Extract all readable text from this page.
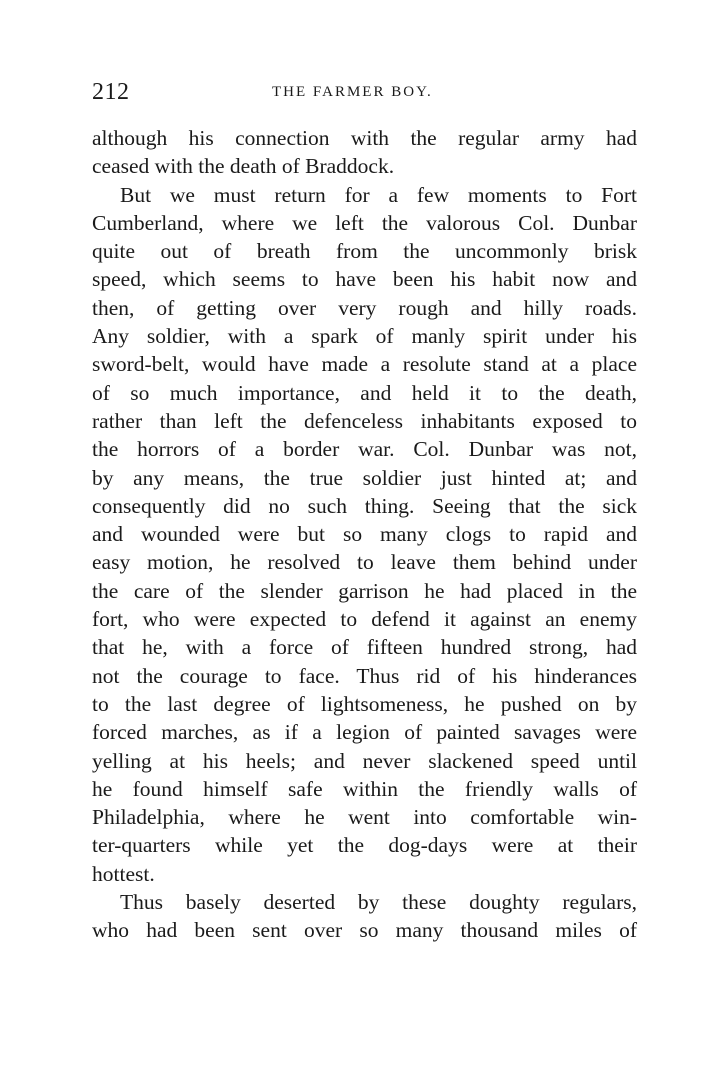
212	THE FARMER BOY.
although his connection with the regular army had
ceased with the death of Braddock.
But we must return for a few moments to Fort
Cumberland, where we left the valorous Col. Dunbar
quite out of breath from the uncommonly brisk
speed, which seems to have been his habit now and
then, of getting over very rough and hilly roads.
Any soldier, with a spark of manly spirit under his
sword-belt, would have made a resolute stand at a place
of so much importance, and held it to the death,
rather than left the defenceless inhabitants exposed to
the horrors of a border war. Col. Dunbar was not,
by any means, the true soldier just hinted at; and
consequently did no such thing. Seeing that the sick
and wounded were but so many clogs to rapid and
easy motion, he resolved to leave them behind under
the care of the slender garrison he had placed in the
fort, who were expected to defend it against an enemy
that he, with a force of fifteen hundred strong, had
not the courage to face. Thus rid of his hinderances
to the last degree of lightsomeness, he pushed on by
forced marches, as if a legion of painted savages were
yelling at his heels; and never slackened speed until
he found himself safe within the friendly walls of
Philadelphia, where he went into comfortable win-
ter-quarters while yet the dog-days were at their
hottest.
Thus basely deserted by these doughty regulars,
who had been sent over so many thousand miles of
